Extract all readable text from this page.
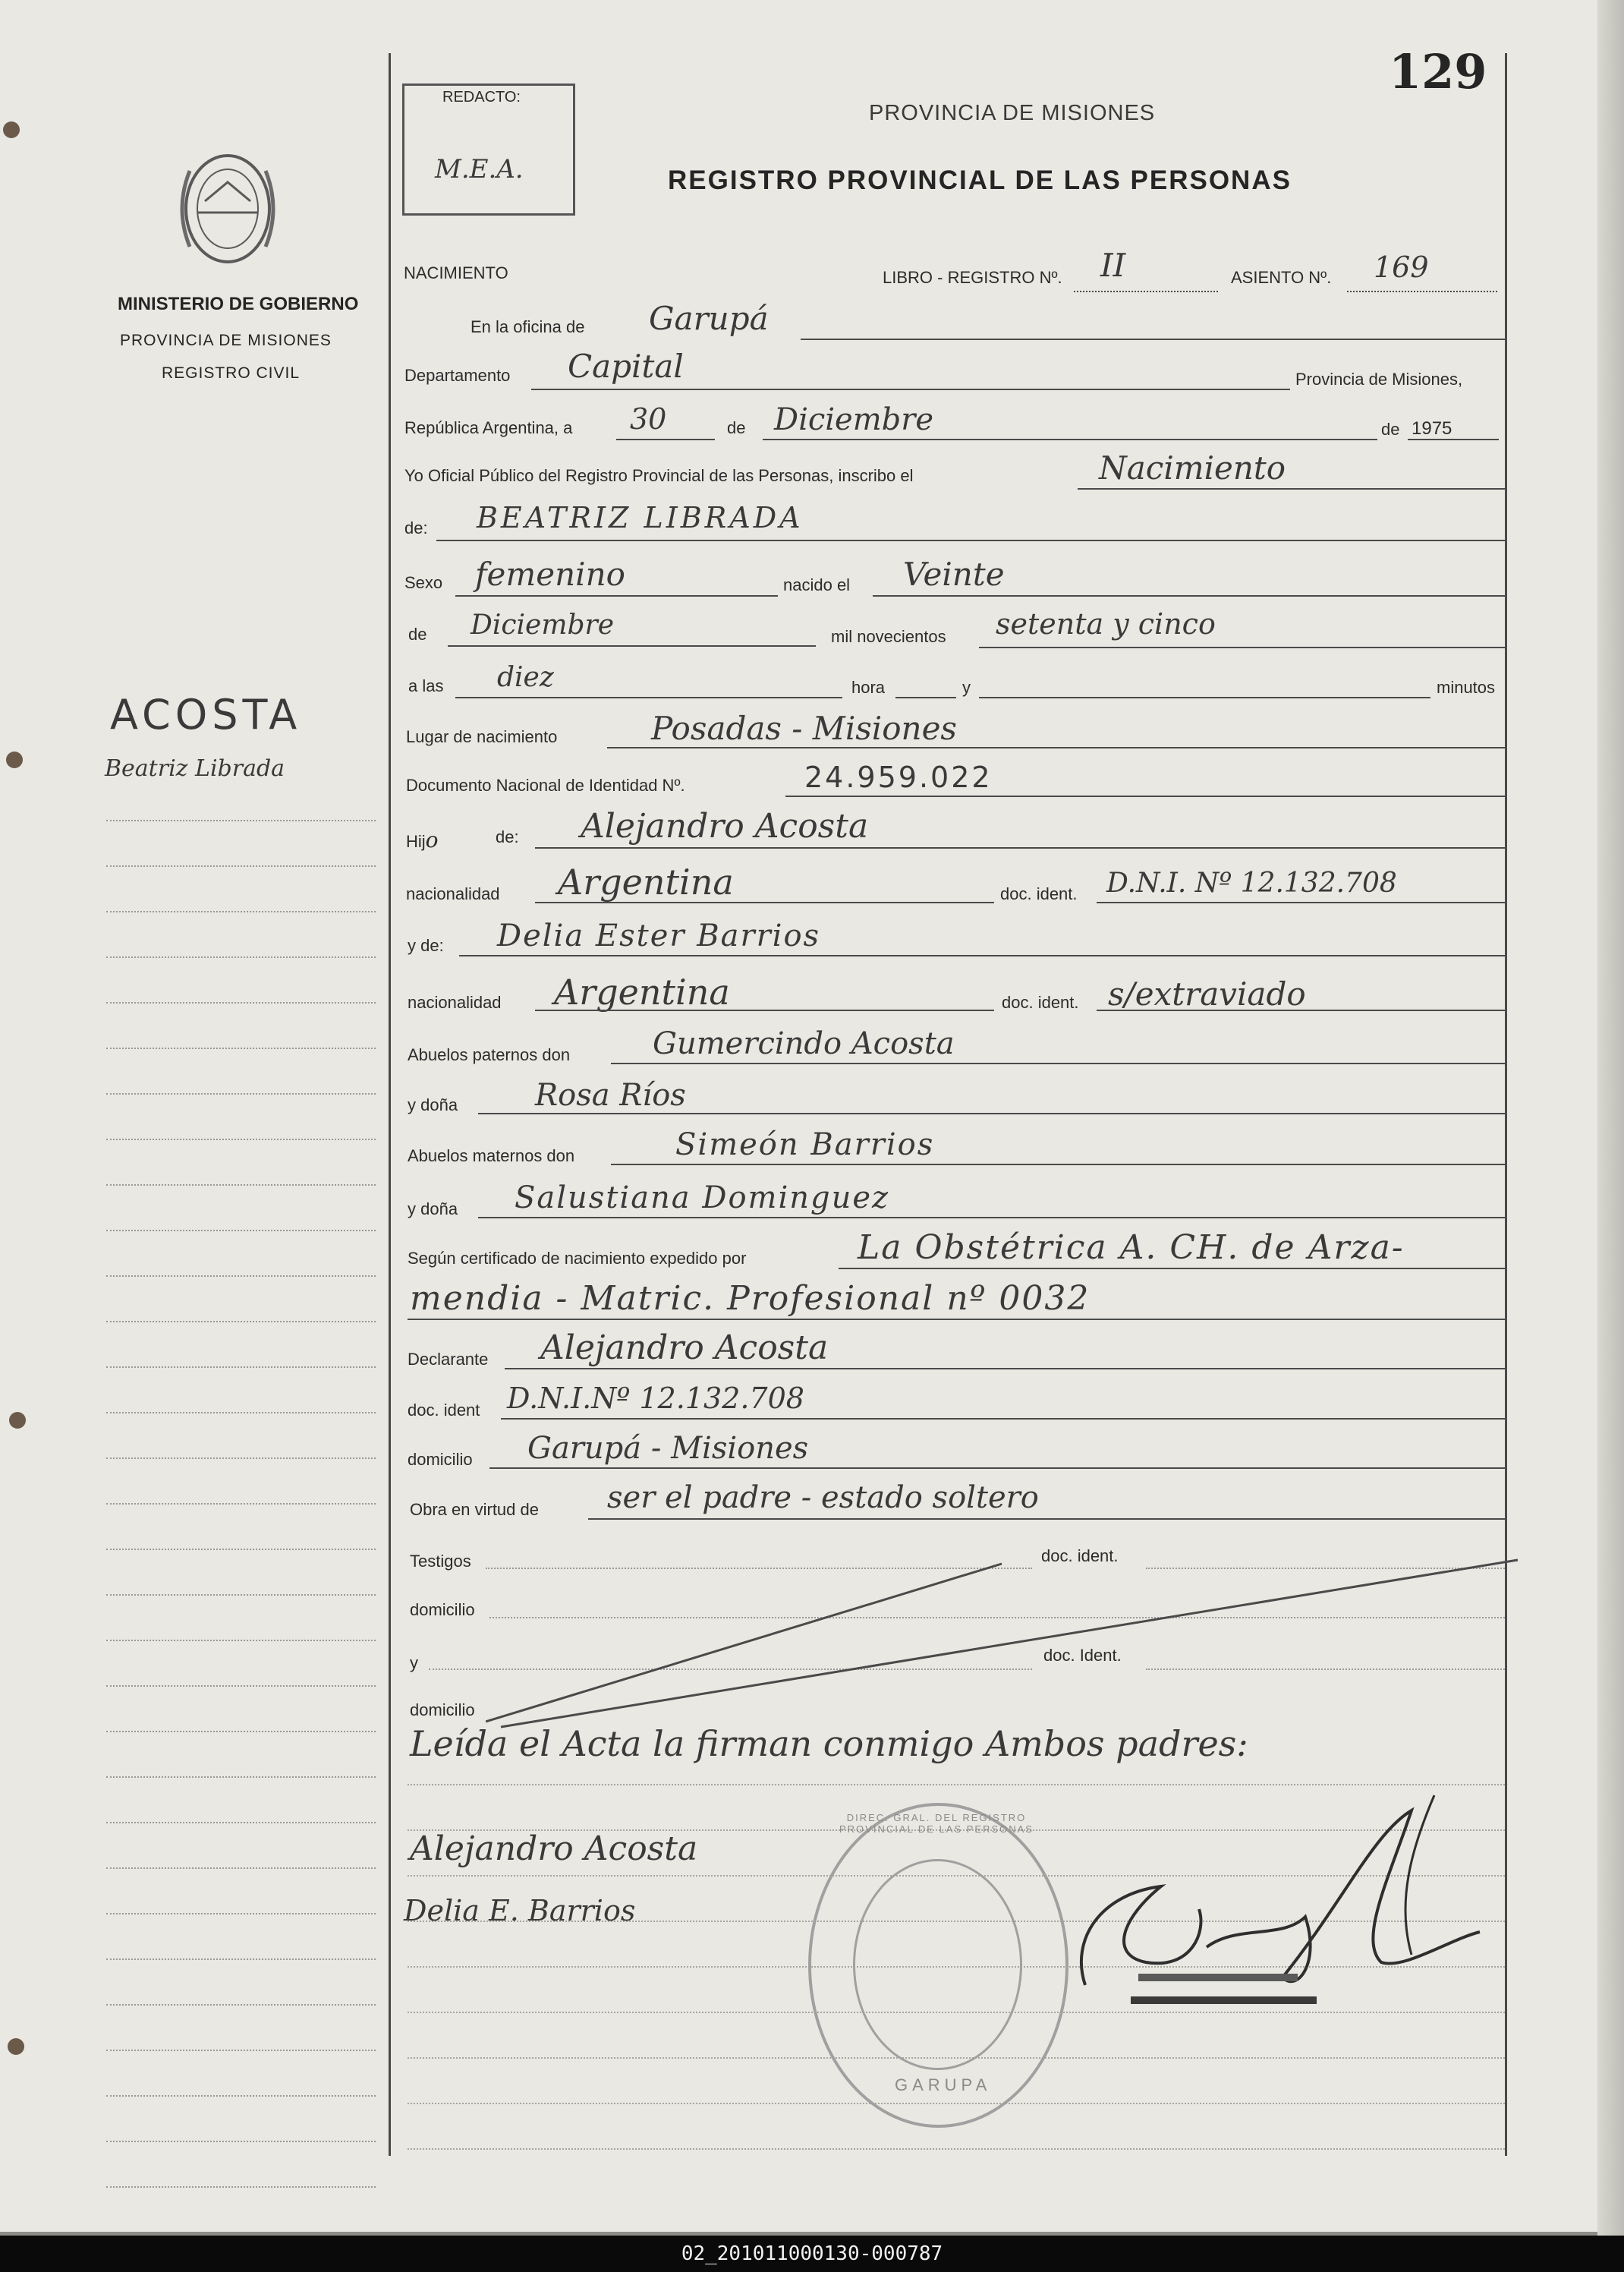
MINISTERIO DE GOBIERNO
PROVINCIA DE MISIONES
REGISTRO CIVIL
ACOSTA
Beatriz Librada
129
REDACTO:
M.E.A.
PROVINCIA DE MISIONES
REGISTRO PROVINCIAL DE LAS PERSONAS
NACIMIENTO	LIBRO - REGISTRO Nº. II	ASIENTO Nº. 169
En la oficina de Garupá
Departamento Capital	Provincia de Misiones,
República Argentina, a 30	de Diciembre	de 1975
Yo Oficial Público del Registro Provincial de las Personas, inscribo el	Nacimiento
de: BEATRIZ LIBRADA
Sexo femenino	nacido el Veinte
de Diciembre	mil novecientos setenta y cinco
a las diez	hora	y	minutos
Lugar de nacimiento	Posadas - Misiones
Documento Nacional de Identidad Nº.	24.959.022
Hijo	de: Alejandro Acosta
nacionalidad Argentina	doc. ident. D.N.I. Nº 12.132.708
y de: Delia Ester Barrios
nacionalidad Argentina	doc. ident. s/extraviado
Abuelos paternos don	Gumercindo Acosta
y doña	Rosa Ríos
Abuelos maternos don	Simeón Barrios
y doña Salustiana Dominguez
Según certificado de nacimiento expedido por	La Obstétrica A. CH. de Arza-
mendia - Matric. Profesional nº 0032
Declarante Alejandro Acosta
doc. ident D.N.I.Nº 12.132.708
domicilio Garupá - Misiones
Obra en virtud de ser el padre - estado soltero
Testigos	doc. ident.
domicilio
y	doc. Ident.
domicilio
Leída el Acta la firman conmigo Ambos padres:
Alejandro Acosta
Delia E. Barrios
DIREC. GRAL. DEL REGISTRO PROVINCIAL DE LAS PERSONAS
GARUPA
02_201011000130-000787
